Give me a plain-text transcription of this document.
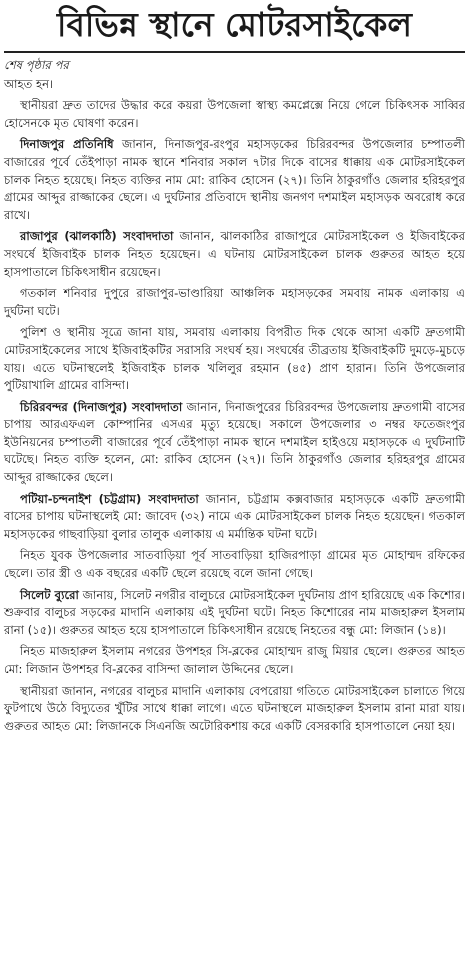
বিভিন্ন স্থানে মোটরসাইকেল
শেষ পৃষ্ঠার পর

আহত হন।

স্থানীয়রা দ্রুত তাদের উদ্ধার করে কয়রা উপজেলা স্বাস্থ্য কমপ্লেক্সে নিয়ে গেলে চিকিৎসক সাব্বির হোসেনকে মৃত ঘোষণা করেন।

দিনাজপুর প্রতিনিধি জানান, দিনাজপুর-রংপুর মহাসড়কের চিরিরবন্দর উপজেলার চম্পাতলী বাজারের পূর্বে তেঁইপাড়া নামক স্থানে শনিবার সকাল ৭টার দিকে বাসের ধাক্কায় এক মোটরসাইকেল চালক নিহত হয়েছে। নিহত ব্যক্তির নাম মো: রাকিব হোসেন (২৭)। তিনি ঠাকুরগাঁও জেলার হরিহরপুর গ্রামের আব্দুর রাজ্জাকের ছেলে। এ দুর্ঘটনার প্রতিবাদে স্থানীয় জনগণ দশমাইল মহাসড়ক অবরোধ করে রাখে।

রাজাপুর (ঝালকাঠি) সংবাদদাতা জানান, ঝালকাঠির রাজাপুরে মোটরসাইকেল ও ইজিবাইকের সংঘর্ষে ইজিবাইক চালক নিহত হয়েছেন। এ ঘটনায় মোটরসাইকেল চালক গুরুতর আহত হয়ে হাসপাতালে চিকিৎসাধীন রয়েছেন।

গতকাল শনিবার দুপুরে রাজাপুর-ভাণ্ডারিয়া আঞ্চলিক মহাসড়কের সমবায় নামক এলাকায় এ দুর্ঘটনা ঘটে।

পুলিশ ও স্থানীয় সূত্রে জানা যায়, সমবায় এলাকায় বিপরীত দিক থেকে আসা একটি দ্রুতগামী মোটরসাইকেলের সাথে ইজিবাইকটির সরাসরি সংঘর্ষ হয়। সংঘর্ষের তীব্রতায় ইজিবাইকটি দুমড়ে-মুচড়ে যায়। এতে ঘটনাস্থলেই ইজিবাইক চালক খলিলুর রহমান (৪৫) প্রাণ হারান। তিনি উপজেলার পুটিয়াখালি গ্রামের বাসিন্দা।

চিরিরবন্দর (দিনাজপুর) সংবাদদাতা জানান, দিনাজপুরের চিরিরবন্দর উপজেলায় দ্রুতগামী বাসের চাপায় আরএফএল কোম্পানির এসএর মৃত্যু হয়েছে। সকালে উপজেলার ৩ নম্বর ফতেজংপুর ইউনিয়নের চম্পাতলী বাজারের পূর্বে তেঁইপাড়া নামক স্থানে দশমাইল হাইওয়ে মহাসড়কে এ দুর্ঘটনাটি ঘটেছে। নিহত ব্যক্তি হলেন, মো: রাকিব হোসেন (২৭)। তিনি ঠাকুরগাঁও জেলার হরিহরপুর গ্রামের আব্দুর রাজ্জাকের ছেলে।

পটিয়া-চন্দনাইশ (চট্টগ্রাম) সংবাদদাতা জানান, চট্টগ্রাম কক্সবাজার মহাসড়কে একটি দ্রুতগামী বাসের চাপায় ঘটনাস্থলেই মো: জাবেদ (৩২) নামে এক মোটরসাইকেল চালক নিহত হয়েছেন। গতকাল মহাসড়কের গাছবাড়িয়া বুলার তালুক এলাকায় এ মর্মান্তিক ঘটনা ঘটে।

নিহত যুবক উপজেলার সাতবাড়িয়া পূর্ব সাতবাড়িয়া হাজিরপাড়া গ্রামের মৃত মোহাম্মদ রফিকের ছেলে। তার স্ত্রী ও এক বছরের একটি ছেলে রয়েছে বলে জানা গেছে।

সিলেট ব্যুরো জানায়, সিলেট নগরীর বালুচরে মোটরসাইকেল দুর্ঘটনায় প্রাণ হারিয়েছে এক কিশোর। শুক্রবার বালুচর সড়কের মাদানি এলাকায় এই দুর্ঘটনা ঘটে। নিহত কিশোরের নাম মাজহারুল ইসলাম রানা (১৫)। গুরুতর আহত হয়ে হাসপাতালে চিকিৎসাধীন রয়েছে নিহতের বন্ধু মো: লিজান (১৪)।

নিহত মাজহারুল ইসলাম নগরের উপশহর সি-ব্লকের মোহাম্মদ রাজু মিয়ার ছেলে। গুরুতর আহত মো: লিজান উপশহর বি-ব্লকের বাসিন্দা জালাল উদ্দিনের ছেলে।

স্থানীয়রা জানান, নগরের বালুচর মাদানি এলাকায় বেপরোয়া গতিতে মোটরসাইকেল চালাতে গিয়ে ফুটপাথে উঠে বিদ্যুতের খুঁটির সাথে ধাক্কা লাগে। এতে ঘটনাস্থলে মাজহারুল ইসলাম রানা মারা যায়। গুরুতর আহত মো: লিজানকে সিএনজি অটোরিকশায় করে একটি বেসরকারি হাসপাতালে নেয়া হয়।
